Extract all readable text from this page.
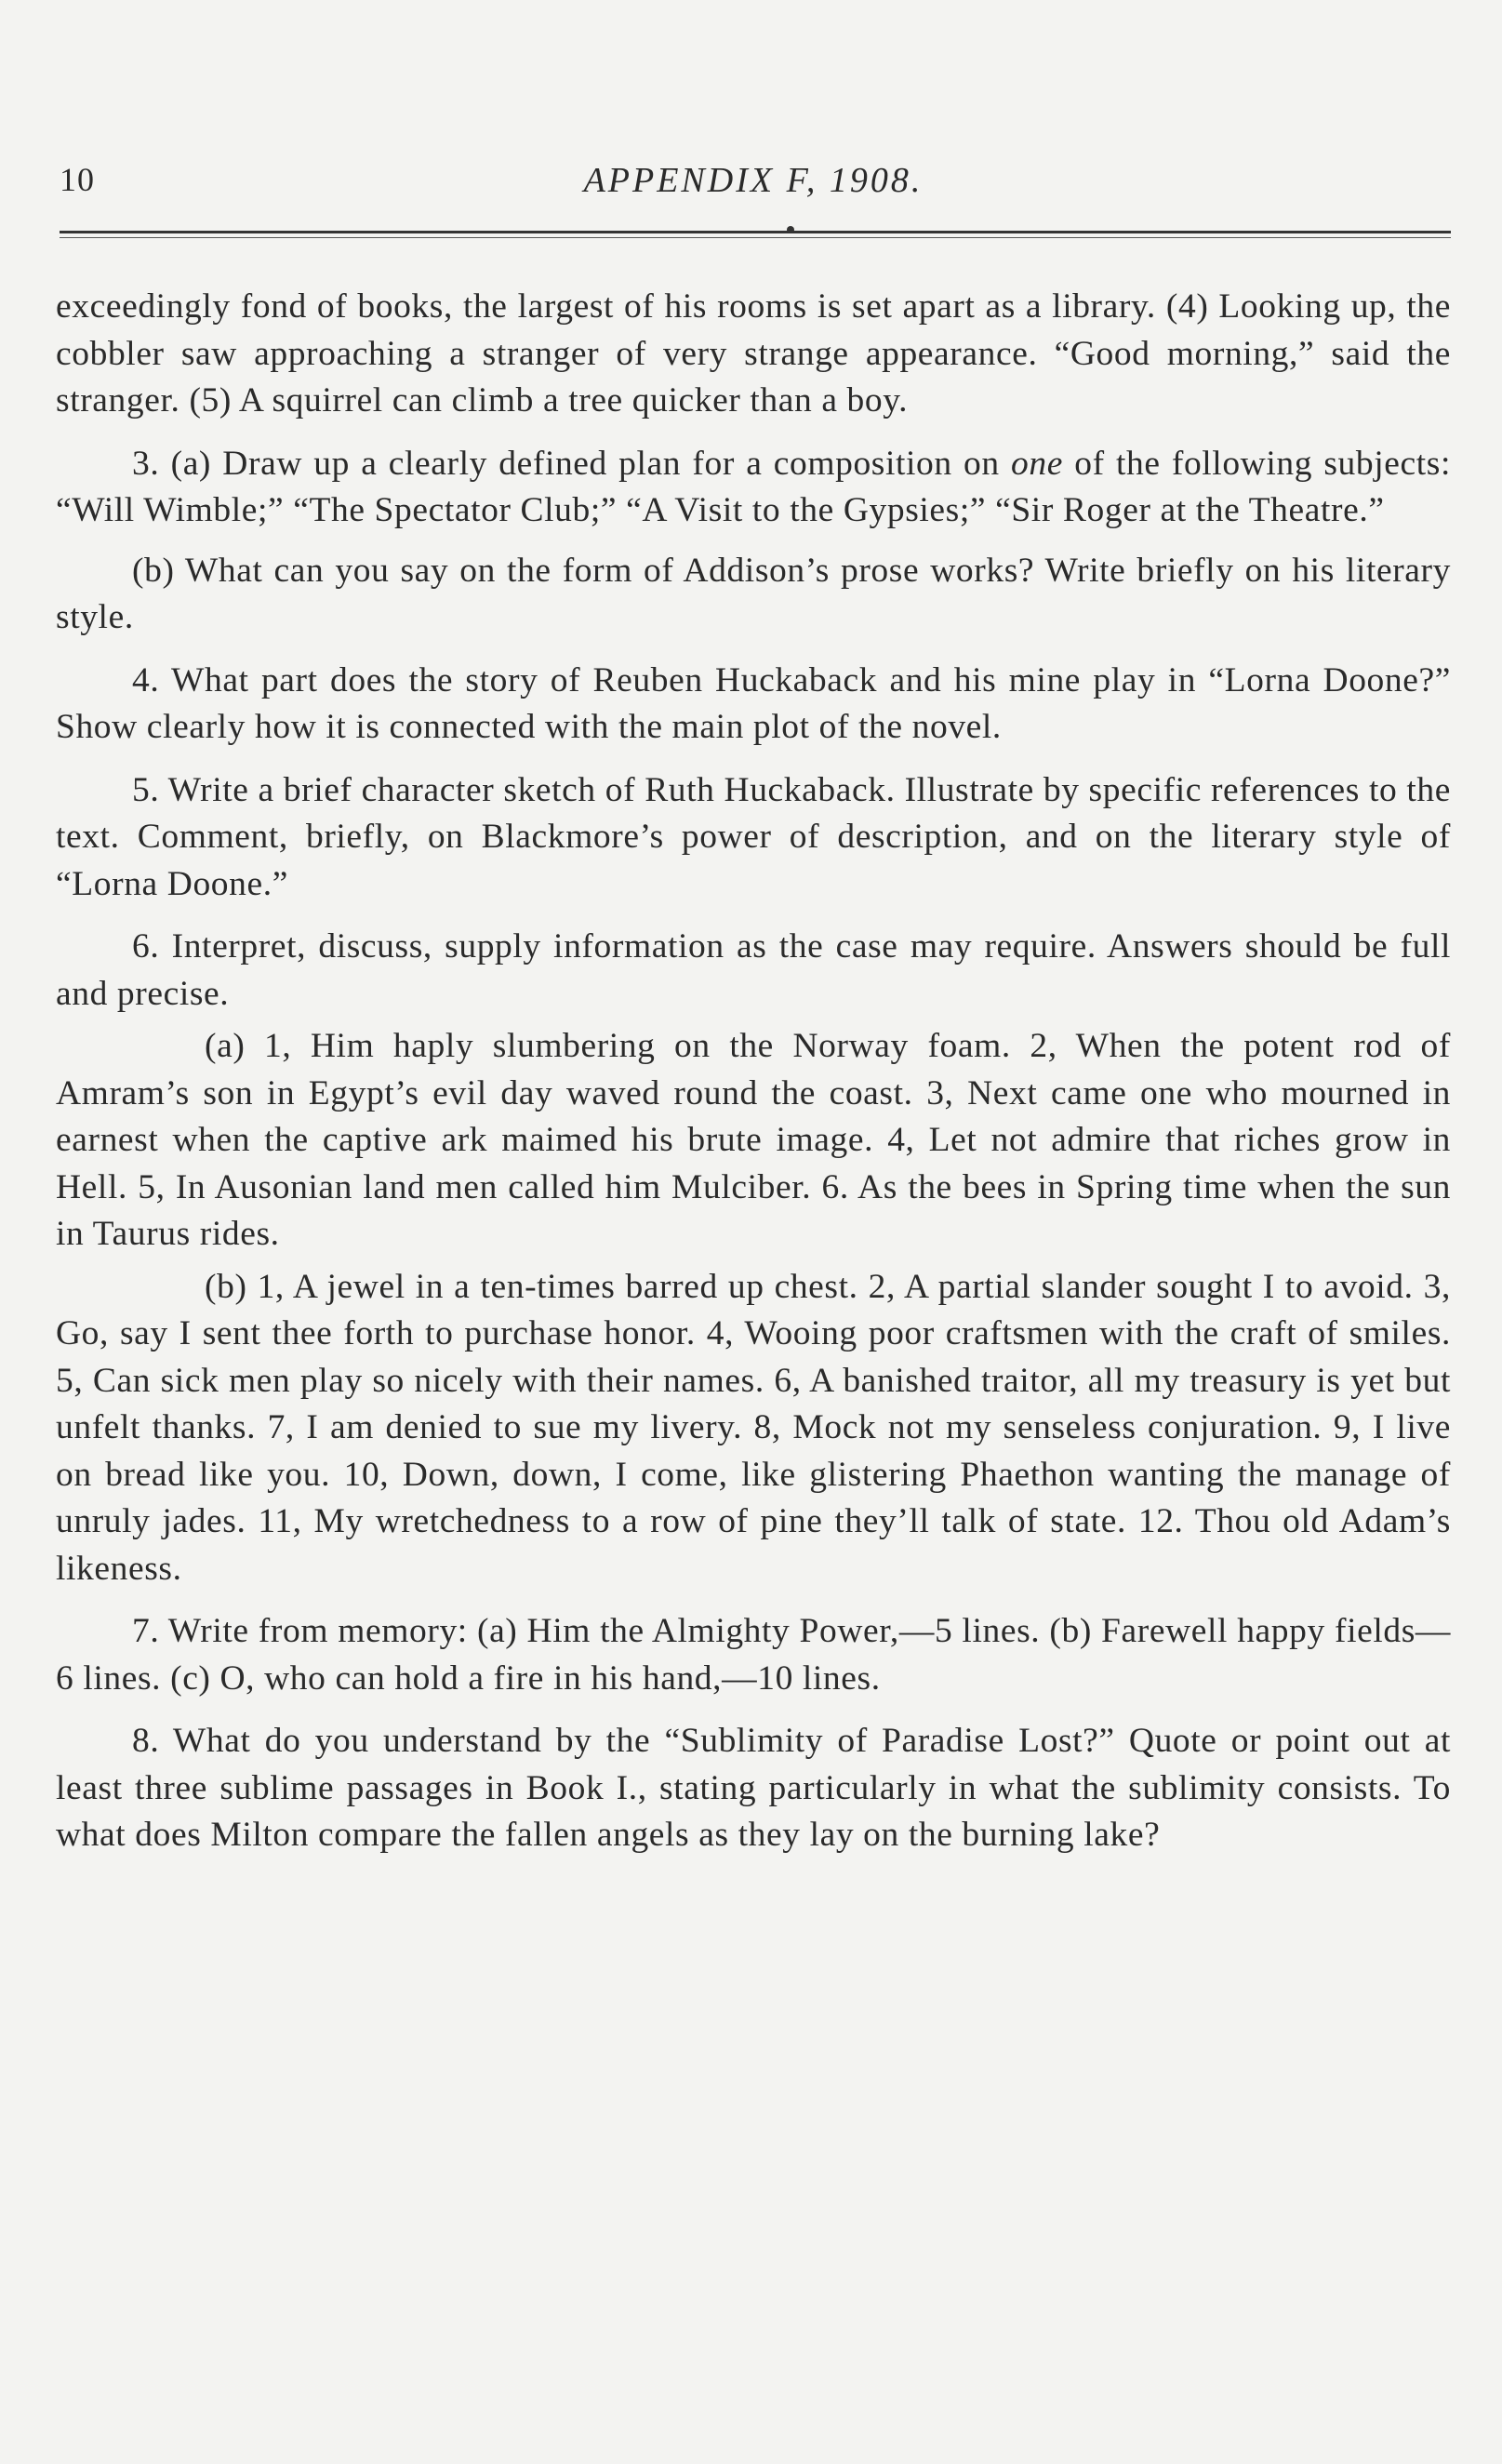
10	APPENDIX F, 1908.

exceedingly fond of books, the largest of his rooms is set apart as a library. (4) Looking up, the cobbler saw approaching a stranger of very strange appearance. “Good morning,” said the stranger. (5) A squirrel can climb a tree quicker than a boy.

3. (a) Draw up a clearly defined plan for a composition on one of the following subjects: “Will Wimble;” “The Spectator Club;” “A Visit to the Gypsies;” “Sir Roger at the Theatre.”

(b) What can you say on the form of Addison’s prose works? Write briefly on his literary style.

4. What part does the story of Reuben Huckaback and his mine play in “Lorna Doone?” Show clearly how it is connected with the main plot of the novel.

5. Write a brief character sketch of Ruth Huckaback. Illustrate by specific references to the text. Comment, briefly, on Blackmore’s power of description, and on the literary style of “Lorna Doone.”

6. Interpret, discuss, supply information as the case may require. Answers should be full and precise.

(a) 1, Him haply slumbering on the Norway foam. 2, When the potent rod of Amram’s son in Egypt’s evil day waved round the coast. 3, Next came one who mourned in earnest when the captive ark maimed his brute image. 4, Let not admire that riches grow in Hell. 5, In Ausonian land men called him Mulciber. 6. As the bees in Spring time when the sun in Taurus rides.

(b) 1, A jewel in a ten-times barred up chest. 2, A partial slander sought I to avoid. 3, Go, say I sent thee forth to purchase honor. 4, Wooing poor craftsmen with the craft of smiles. 5, Can sick men play so nicely with their names. 6, A banished traitor, all my treasury is yet but unfelt thanks. 7, I am denied to sue my livery. 8, Mock not my senseless conjuration. 9, I live on bread like you. 10, Down, down, I come, like glistering Phaethon wanting the manage of unruly jades. 11, My wretchedness to a row of pine they’ll talk of state. 12. Thou old Adam’s likeness.

7. Write from memory: (a) Him the Almighty Power,—5 lines. (b) Farewell happy fields—6 lines. (c) O, who can hold a fire in his hand,—10 lines.

8. What do you understand by the “Sublimity of Paradise Lost?” Quote or point out at least three sublime passages in Book I., stating particularly in what the sublimity consists. To what does Milton compare the fallen angels as they lay on the burning lake?
